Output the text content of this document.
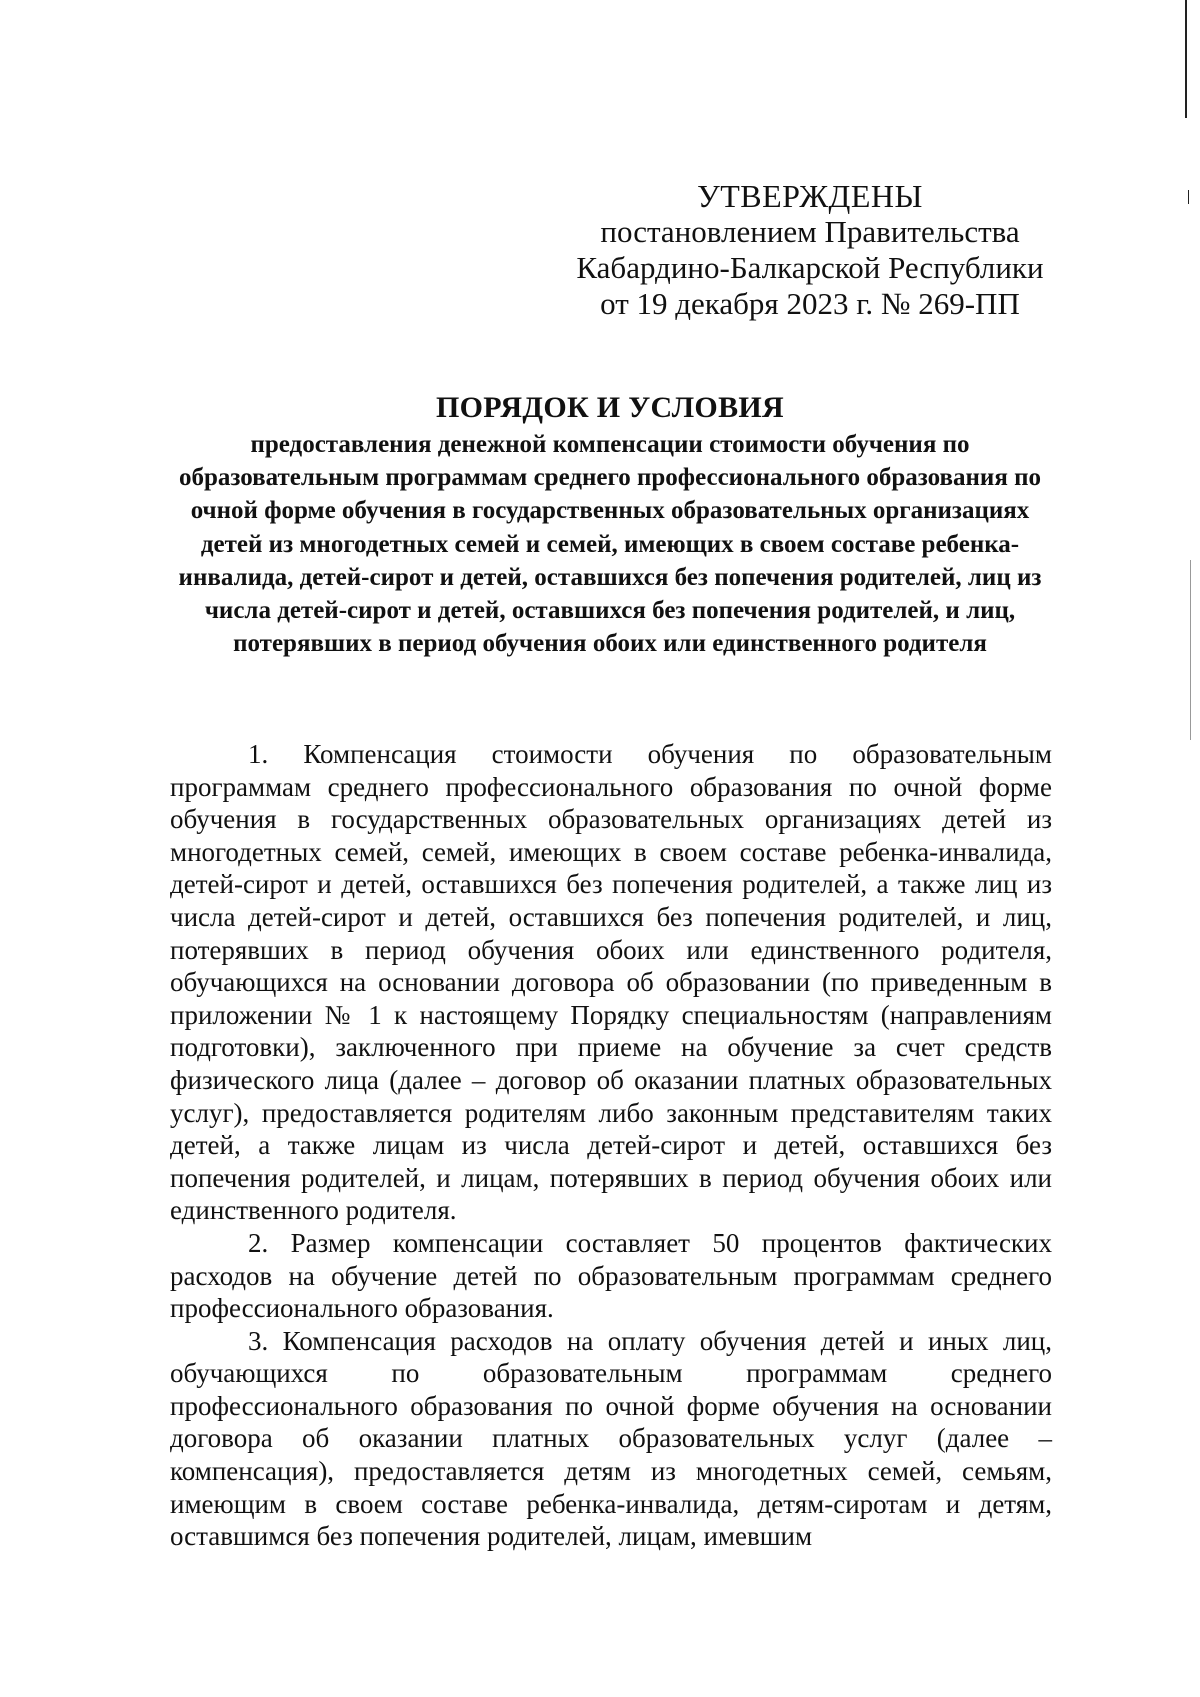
УТВЕРЖДЕНЫ
постановлением Правительства
Кабардино-Балкарской Республики
от 19 декабря 2023 г. № 269-ПП
ПОРЯДОК И УСЛОВИЯ
предоставления денежной компенсации стоимости обучения по образовательным программам среднего профессионального образования по очной форме обучения в государственных образовательных организациях детей из многодетных семей и семей, имеющих в своем составе ребенка-инвалида, детей-сирот и детей, оставшихся без попечения родителей, лиц из числа детей-сирот и детей, оставшихся без попечения родителей, и лиц, потерявших в период обучения обоих или единственного родителя

1. Компенсация стоимости обучения по образовательным программам среднего профессионального образования по очной форме обучения в государственных образовательных организациях детей из многодетных семей, семей, имеющих в своем составе ребенка-инвалида, детей-сирот и детей, оставшихся без попечения родителей, а также лиц из числа детей-сирот и детей, оставшихся без попечения родителей, и лиц, потерявших в период обучения обоих или единственного родителя, обучающихся на основании договора об образовании (по приведенным в приложении № 1 к настоящему Порядку специальностям (направлениям подготовки), заключенного при приеме на обучение за счет средств физического лица (далее – договор об оказании платных образовательных услуг), предоставляется родителям либо законным представителям таких детей, а также лицам из числа детей-сирот и детей, оставшихся без попечения родителей, и лицам, потерявших в период обучения обоих или единственного родителя.

2. Размер компенсации составляет 50 процентов фактических расходов на обучение детей по образовательным программам среднего профессионального образования.

3. Компенсация расходов на оплату обучения детей и иных лиц, обучающихся по образовательным программам среднего профессионального образования по очной форме обучения на основании договора об оказании платных образовательных услуг (далее – компенсация), предоставляется детям из многодетных семей, семьям, имеющим в своем составе ребенка-инвалида, детям-сиротам и детям, оставшимся без попечения родителей, лицам, имевшим
